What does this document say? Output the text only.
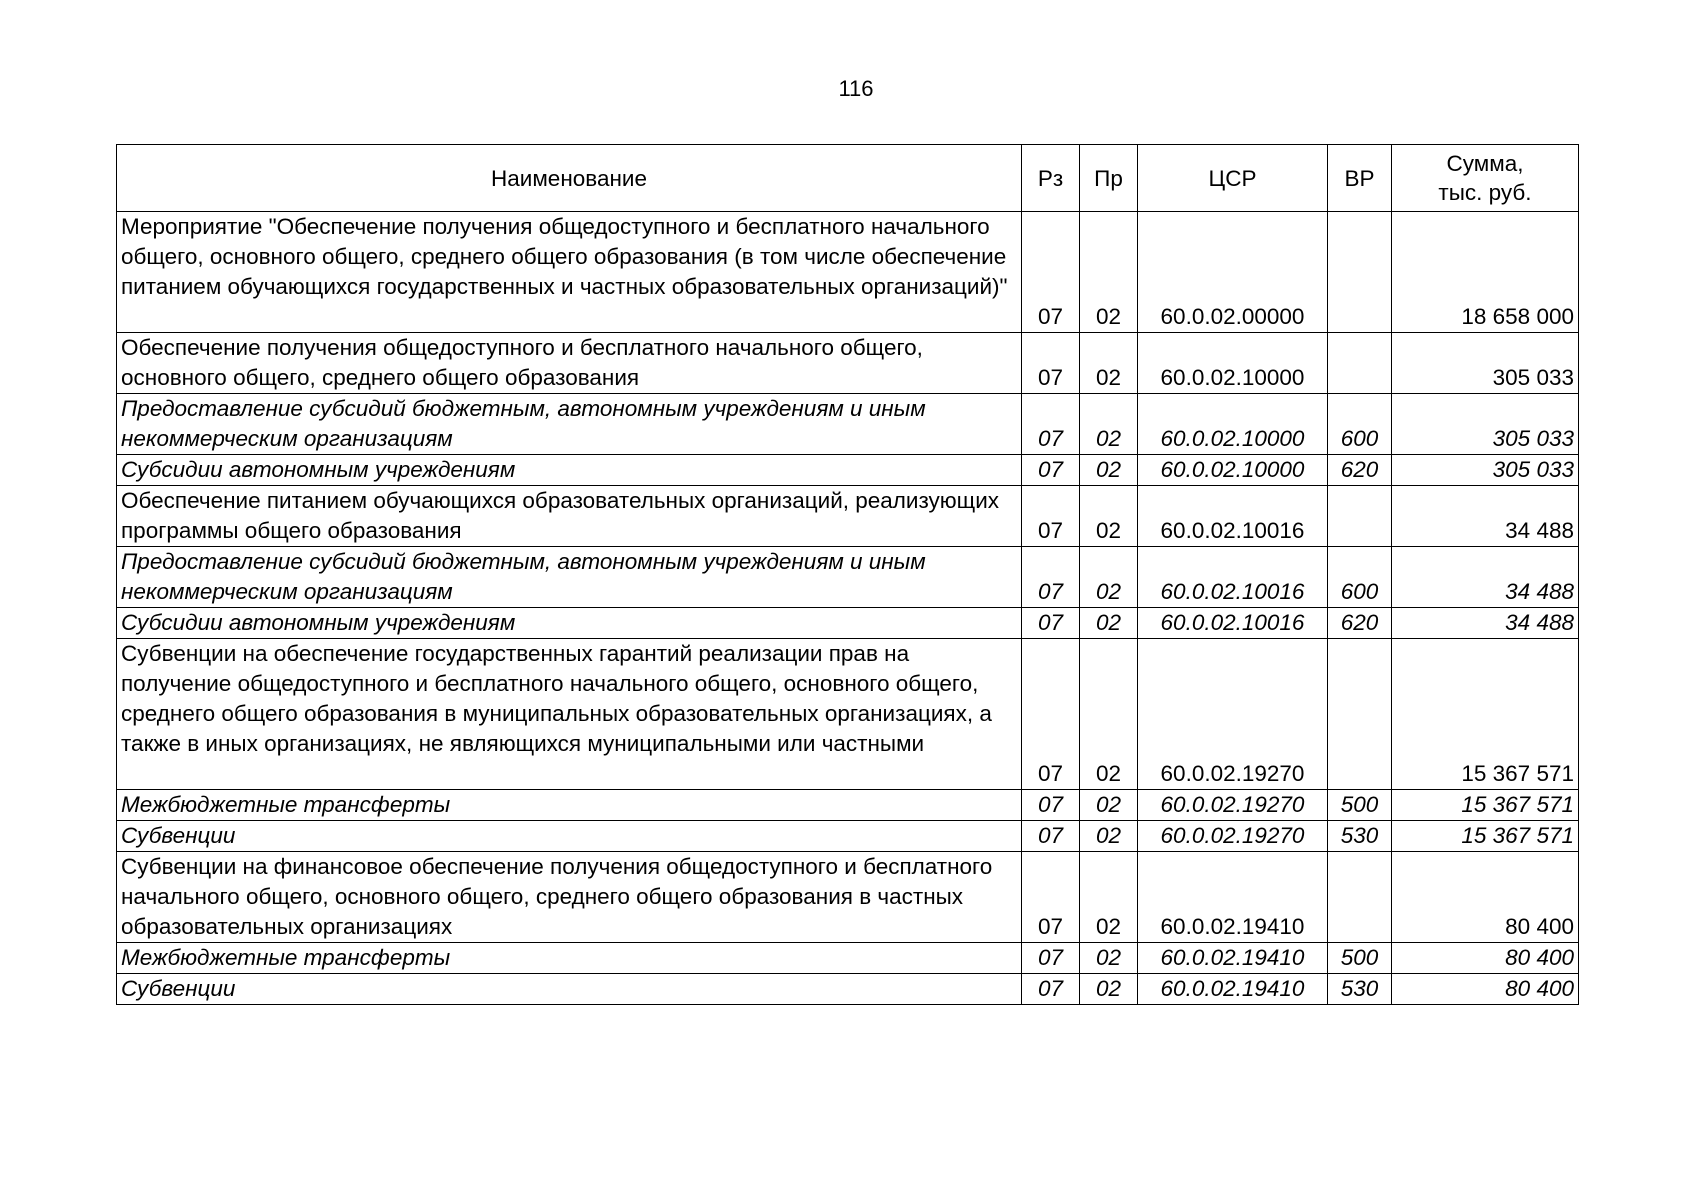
116
Наименование	Рз	Пр	ЦСР	ВР	Сумма,
тыс. руб.
Мероприятие "Обеспечение получения общедоступного и бесплатного начального общего, основного общего, среднего общего образования (в том числе обеспечение питанием обучающихся государственных и частных образовательных организаций)"	07	02	60.0.02.00000		18 658 000
Обеспечение получения общедоступного и бесплатного начального общего, основного общего, среднего общего образования	07	02	60.0.02.10000		305 033
Предоставление субсидий бюджетным, автономным учреждениям и иным некоммерческим организациям	07	02	60.0.02.10000	600	305 033
Субсидии автономным учреждениям	07	02	60.0.02.10000	620	305 033
Обеспечение питанием обучающихся образовательных организаций, реализующих программы общего образования	07	02	60.0.02.10016		34 488
Предоставление субсидий бюджетным, автономным учреждениям и иным некоммерческим организациям	07	02	60.0.02.10016	600	34 488
Субсидии автономным учреждениям	07	02	60.0.02.10016	620	34 488
Субвенции на обеспечение государственных гарантий реализации прав на получение общедоступного и бесплатного начального общего, основного общего, среднего общего образования в муниципальных образовательных организациях, а также в иных организациях, не являющихся муниципальными или частными	07	02	60.0.02.19270		15 367 571
Межбюджетные трансферты	07	02	60.0.02.19270	500	15 367 571
Субвенции	07	02	60.0.02.19270	530	15 367 571
Субвенции на финансовое обеспечение получения общедоступного и бесплатного начального общего, основного общего, среднего общего образования в частных образовательных организациях	07	02	60.0.02.19410		80 400
Межбюджетные трансферты	07	02	60.0.02.19410	500	80 400
Субвенции	07	02	60.0.02.19410	530	80 400
